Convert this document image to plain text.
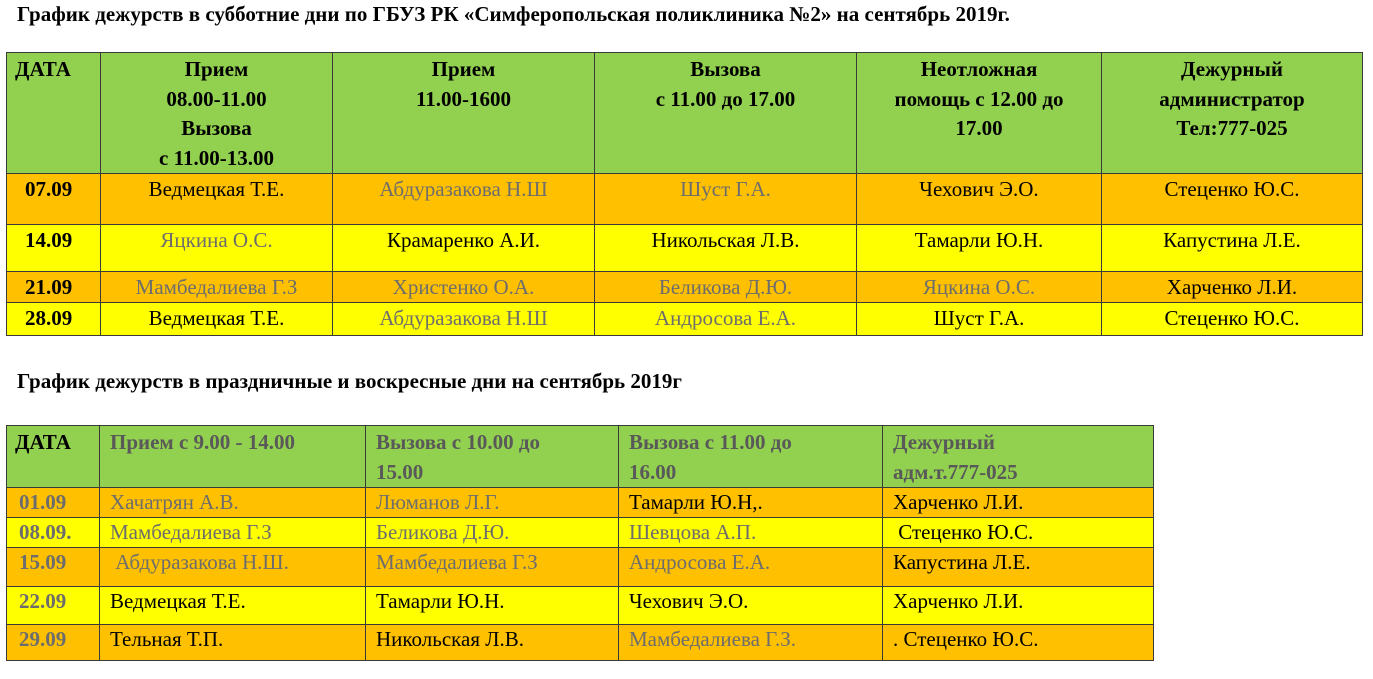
График дежурств в субботние дни по ГБУЗ РК «Симферопольская поликлиника №2» на сентябрь 2019г.
ДАТА	Прием
08.00-11.00
Вызова
с 11.00-13.00	Прием
11.00-1600	Вызова
с 11.00 до 17.00	Неотложная
помощь с 12.00 до
17.00	Дежурный
администратор
Тел:777-025
07.09	Ведмецкая Т.Е.	Абдуразакова Н.Ш	Шуст Г.А.	Чехович Э.О.	Стеценко Ю.С.
14.09	Яцкина О.С.	Крамаренко А.И.	Никольская Л.В.	Тамарли Ю.Н.	Капустина Л.Е.
21.09	Мамбедалиева Г.З	Христенко О.А.	Беликова Д.Ю.	Яцкина О.С.	Харченко Л.И.
28.09	Ведмецкая Т.Е.	Абдуразакова Н.Ш	Андросова Е.А.	Шуст Г.А.	Стеценко Ю.С.
График дежурств в праздничные и воскресные дни на сентябрь 2019г
ДАТА	Прием с 9.00 - 14.00	Вызова с 10.00 до
15.00	Вызова с 11.00 до
16.00	Дежурный
адм.т.777-025
01.09	Хачатрян А.В.	Люманов Л.Г.	Тамарли Ю.Н,.	Харченко Л.И.
08.09.	Мамбедалиева Г.З	Беликова Д.Ю.	Шевцова А.П.	Стеценко Ю.С.
15.09	Абдуразакова Н.Ш.	Мамбедалиева Г.З	Андросова Е.А.	Капустина Л.Е.
22.09	Ведмецкая Т.Е.	Тамарли Ю.Н.	Чехович Э.О.	Харченко Л.И.
29.09	Тельная Т.П.	Никольская Л.В.	Мамбедалиева Г.З.	. Стеценко Ю.С.
